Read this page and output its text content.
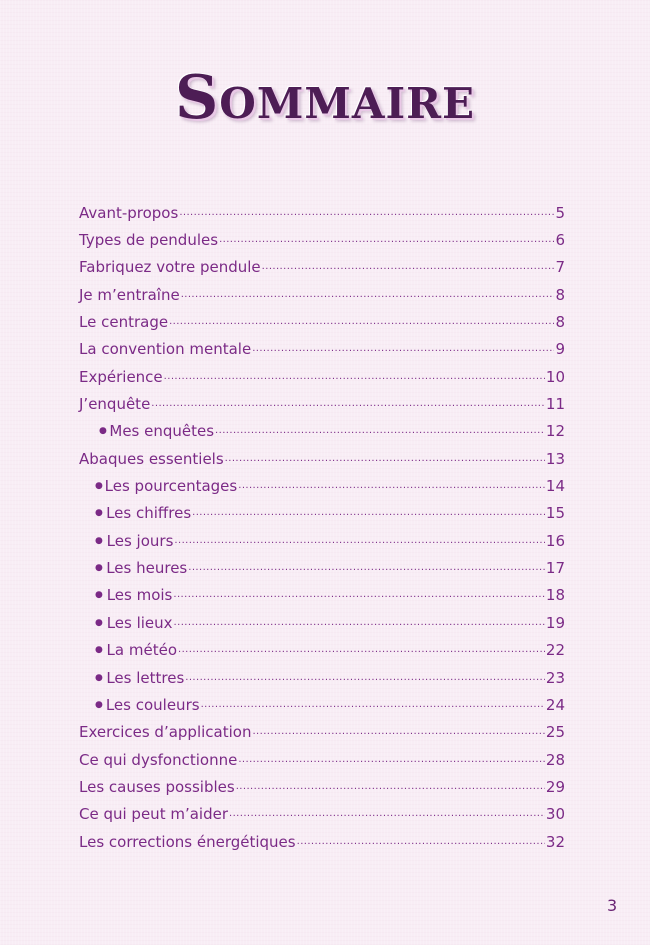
Sommaire
Avant-propos .....	5
Types de pendules .....	6
Fabriquez votre pendule .....	7
Je m’entraîne .....	8
Le centrage .....	8
La convention mentale .....	9
Expérience .....	10
J’enquête .....	11
● Mes enquêtes .....	12
Abaques essentiels .....	13
● Les pourcentages .....	14
● Les chiffres .....	15
● Les jours .....	16
● Les heures .....	17
● Les mois .....	18
● Les lieux .....	19
● La météo .....	22
● Les lettres .....	23
● Les couleurs .....	24
Exercices d’application .....	25
Ce qui dysfonctionne .....	28
Les causes possibles .....	29
Ce qui peut m’aider .....	30
Les corrections énergétiques .....	32
3
